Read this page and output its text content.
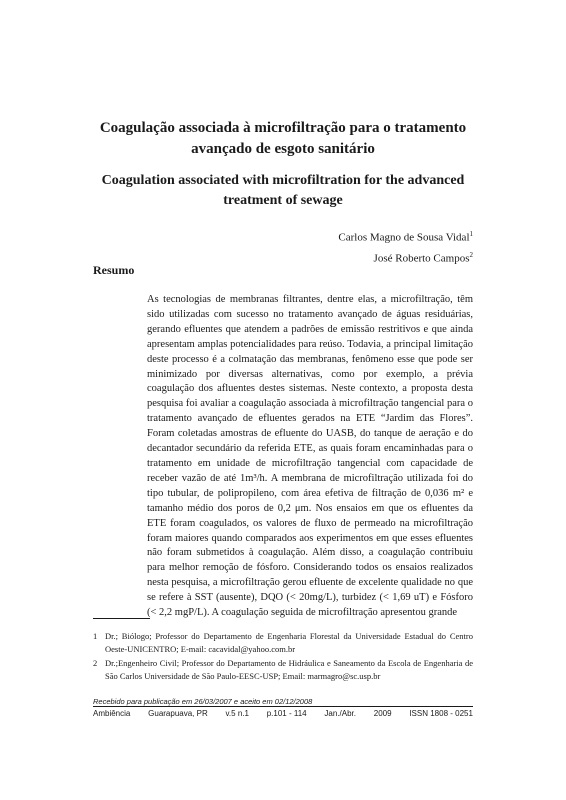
Coagulação associada à microfiltração para o tratamento
avançado de esgoto sanitário
Coagulation associated with microfiltration for the advanced
treatment of sewage
Carlos Magno de Sousa Vidal$^1$
José Roberto Campos$^2$
Resumo

As tecnologias de membranas filtrantes, dentre elas, a microfiltração, têm sido utilizadas com sucesso no tratamento avançado de águas residuárias, gerando efluentes que atendem a padrões de emissão restritivos e que ainda apresentam amplas potencialidades para reúso. Todavia, a principal limitação deste processo é a colmatação das membranas, fenômeno esse que pode ser minimizado por diversas alternativas, como por exemplo, a prévia coagulação dos afluentes destes sistemas. Neste contexto, a proposta desta pesquisa foi avaliar a coagulação associada à microfiltração tangencial para o tratamento avançado de efluentes gerados na ETE “Jardim das Flores”. Foram coletadas amostras de efluente do UASB, do tanque de aeração e do decantador secundário da referida ETE, as quais foram encaminhadas para o tratamento em unidade de microfiltração tangencial com capacidade de receber vazão de até 1m³/h. A membrana de microfiltração utilizada foi do tipo tubular, de polipropileno, com área efetiva de filtração de 0,036 m² e tamanho médio dos poros de 0,2 μm. Nos ensaios em que os efluentes da ETE foram coagulados, os valores de fluxo de permeado na microfiltração foram maiores quando comparados aos experimentos em que esses efluentes não foram submetidos à coagulação. Além disso, a coagulação contribuiu para melhor remoção de fósforo. Considerando todos os ensaios realizados nesta pesquisa, a microfiltração gerou efluente de excelente qualidade no que se refere à SST (ausente), DQO (< 20mg/L), turbidez (< 1,69 uT) e Fósforo (< 2,2 mgP/L). A coagulação seguida de microfiltração apresentou grande

1 Dr.; Biólogo; Professor do Departamento de Engenharia Florestal da Universidade Estadual do Centro Oeste-UNICENTRO; E-mail: cacavidal@yahoo.com.br
2 Dr.;Engenheiro Civil; Professor do Departamento de Hidráulica e Saneamento da Escola de Engenharia de São Carlos Universidade de São Paulo-EESC-USP; Email: marmagro@sc.usp.br
Recebido para publicação em 26/03/2007 e aceito em 02/12/2008
Ambiência Guarapuava, PR v.5 n.1 p.101 - 114 Jan./Abr. 2009 ISSN 1808 - 0251
